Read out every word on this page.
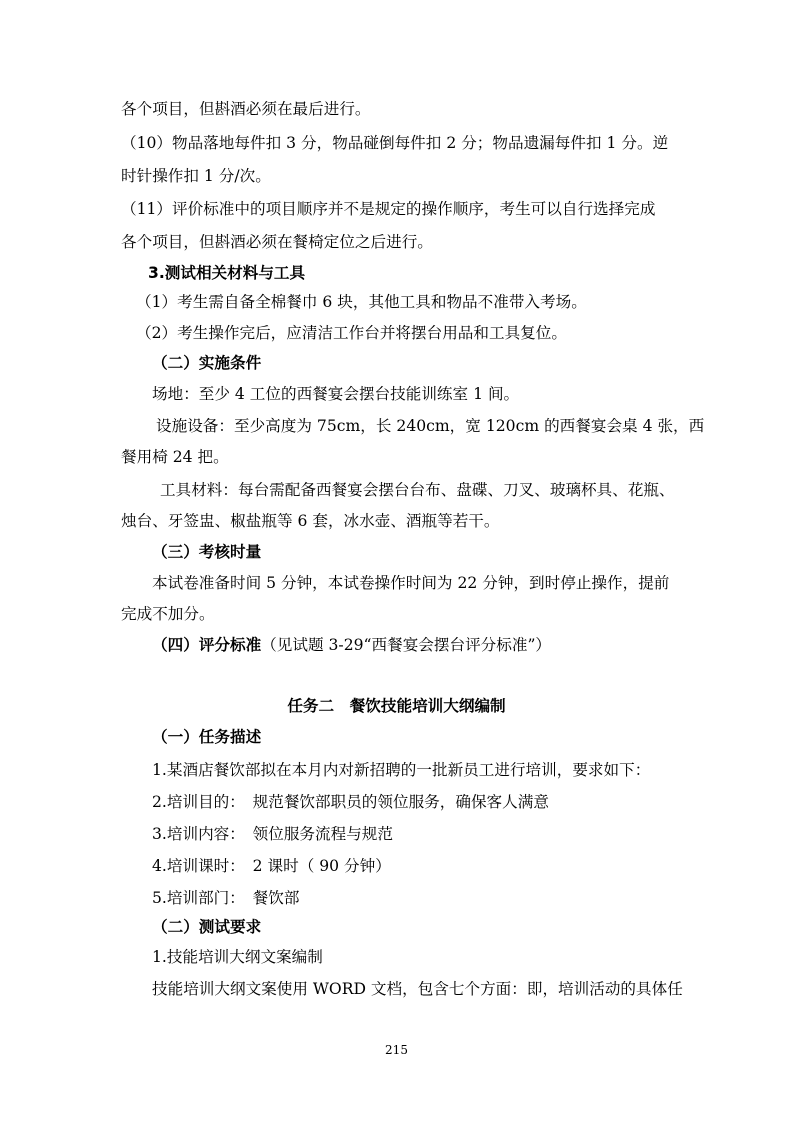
各个项目，但斟酒必须在最后进行。
（10）物品落地每件扣 3 分，物品碰倒每件扣 2 分；物品遗漏每件扣 1 分。逆
时针操作扣 1 分/次。
（11）评价标准中的项目顺序并不是规定的操作顺序，考生可以自行选择完成
各个项目，但斟酒必须在餐椅定位之后进行。
3.测试相关材料与工具
（1）考生需自备全棉餐巾 6 块，其他工具和物品不准带入考场。
（2）考生操作完后，应清洁工作台并将摆台用品和工具复位。
（二）实施条件
场地：至少 4 工位的西餐宴会摆台技能训练室 1 间。
设施设备：至少高度为 75cm，长 240cm，宽 120cm 的西餐宴会桌 4 张，西
餐用椅 24 把。
工具材料：每台需配备西餐宴会摆台台布、盘碟、刀叉、玻璃杯具、花瓶、
烛台、牙签盅、椒盐瓶等 6 套，冰水壶、酒瓶等若干。
（三）考核时量
本试卷准备时间 5 分钟，本试卷操作时间为 22 分钟，到时停止操作，提前
完成不加分。
（四）评分标准（见试题 3-29“西餐宴会摆台评分标准”）
任务二　餐饮技能培训大纲编制
（一）任务描述
1.某酒店餐饮部拟在本月内对新招聘的一批新员工进行培训，要求如下：
2.培训目的：　规范餐饮部职员的领位服务，确保客人满意
3.培训内容：　领位服务流程与规范
4.培训课时：　2 课时（ 90 分钟）
5.培训部门：　餐饮部
（二）测试要求
1.技能培训大纲文案编制
技能培训大纲文案使用 WORD 文档，包含七个方面：即，培训活动的具体任
215
